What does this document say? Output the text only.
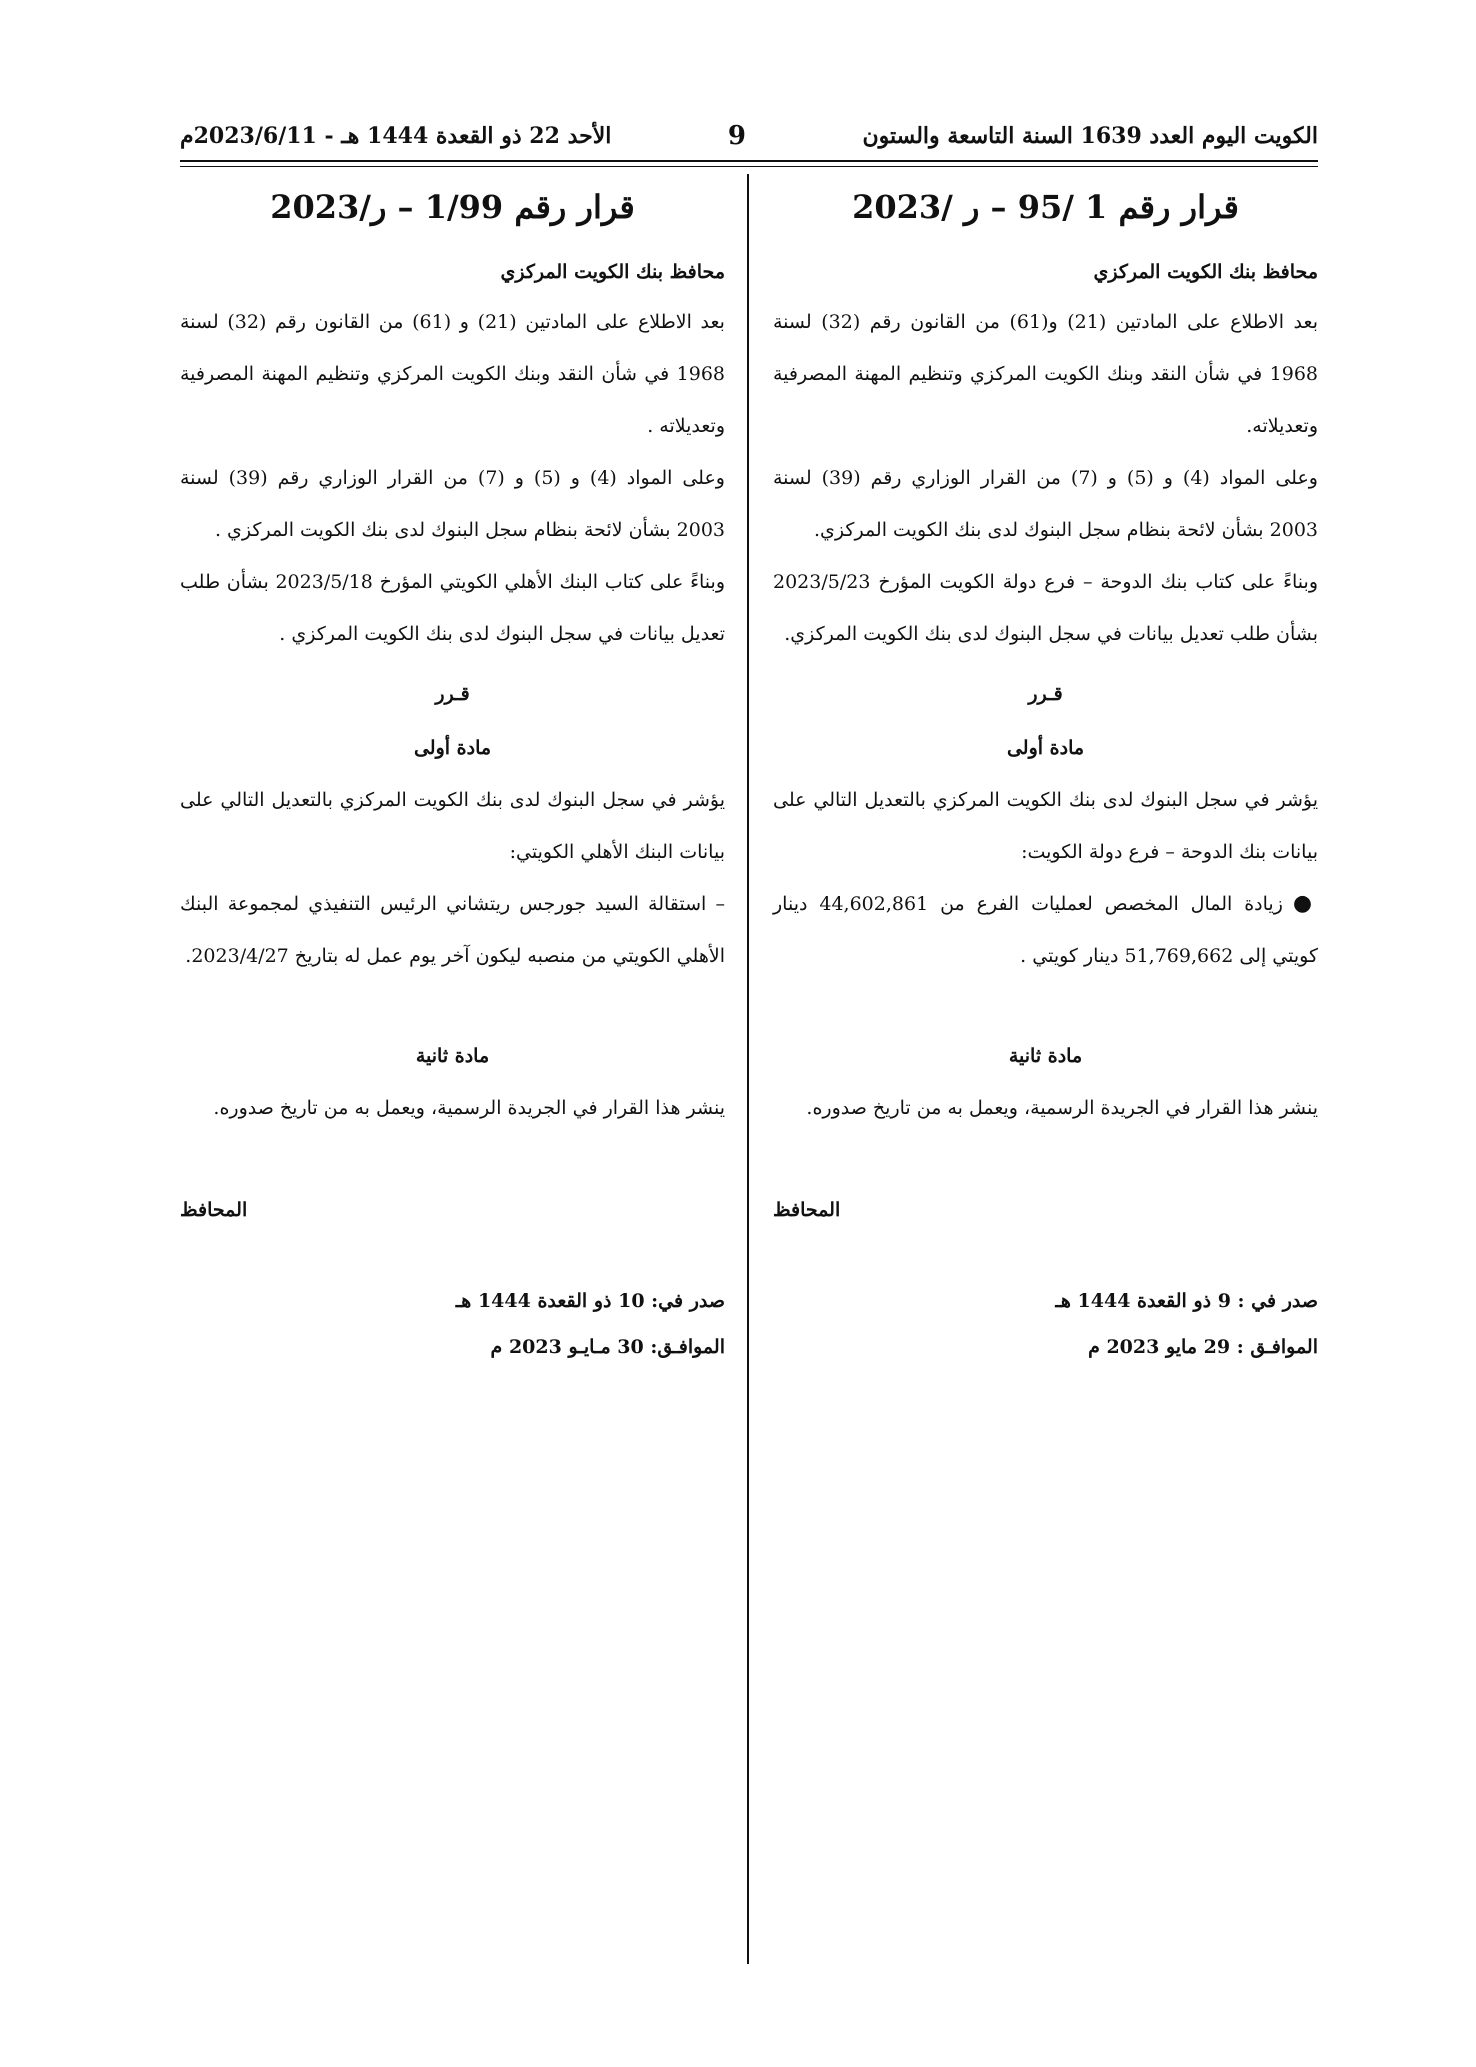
الكويت اليوم العدد 1639 السنة التاسعة والستون
9
الأحد 22 ذو القعدة 1444 هـ - 2023/6/11م
قرار رقم 1 /95 – ر /2023

محافظ بنك الكويت المركزي

بعد الاطلاع على المادتين (21) و(61) من القانون رقم (32) لسنة 1968 في شأن النقد وبنك الكويت المركزي وتنظيم المهنة المصرفية وتعديلاته.

وعلى المواد (4) و (5) و (7) من القرار الوزاري رقم (39) لسنة 2003 بشأن لائحة بنظام سجل البنوك لدى بنك الكويت المركزي.

وبناءً على كتاب بنك الدوحة – فرع دولة الكويت المؤرخ 2023/5/23 بشأن طلب تعديل بيانات في سجل البنوك لدى بنك الكويت المركزي.

قـرر
مادة أولى

يؤشر في سجل البنوك لدى بنك الكويت المركزي بالتعديل التالي على بيانات بنك الدوحة – فرع دولة الكويت:

●زيادة المال المخصص لعمليات الفرع من 44,602,861 دينار كويتي إلى 51,769,662 دينار كويتي .

مادة ثانية

ينشر هذا القرار في الجريدة الرسمية، ويعمل به من تاريخ صدوره.

المحافظ
صدر في : 9 ذو القعدة 1444 هـ
الموافـق : 29 مايو 2023 م
قرار رقم 1/99 – ر/2023

محافظ بنك الكويت المركزي

بعد الاطلاع على المادتين (21) و (61) من القانون رقم (32) لسنة 1968 في شأن النقد وبنك الكويت المركزي وتنظيم المهنة المصرفية وتعديلاته .

وعلى المواد (4) و (5) و (7) من القرار الوزاري رقم (39) لسنة 2003 بشأن لائحة بنظام سجل البنوك لدى بنك الكويت المركزي .

وبناءً على كتاب البنك الأهلي الكويتي المؤرخ 2023/5/18 بشأن طلب تعديل بيانات في سجل البنوك لدى بنك الكويت المركزي .

قـرر
مادة أولى

يؤشر في سجل البنوك لدى بنك الكويت المركزي بالتعديل التالي على بيانات البنك الأهلي الكويتي:

– استقالة السيد جورجس ريتشاني الرئيس التنفيذي لمجموعة البنك الأهلي الكويتي من منصبه ليكون آخر يوم عمل له بتاريخ 2023/4/27.

مادة ثانية

ينشر هذا القرار في الجريدة الرسمية، ويعمل به من تاريخ صدوره.

المحافظ
صدر في: 10 ذو القعدة 1444 هـ
الموافـق: 30 مـايـو 2023 م
